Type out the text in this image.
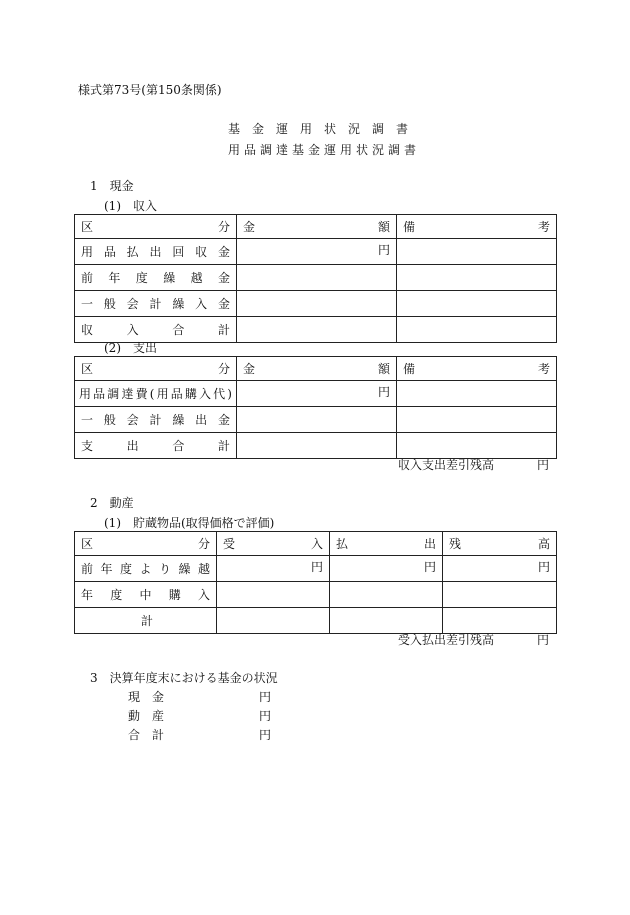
様式第73号(第150条関係)
基金運用状況調書
用品調達基金運用状況調書
1　現金
(1)　収入
区分	金額	備考
用品払出回収金	円	
前年度繰越金		
一般会計繰入金		
収入合計		
(2)　支出
区分	金額	備考
用品調達費(用品購入代)	円	
一般会計繰出金		
支出合計		
収入支出差引残高	円
2　動産
(1)　貯蔵物品(取得価格で評価)
区分	受入	払出	残高
前年度より繰越	円	円	円
年度中購入			
計			
受入払出差引残高	円
3　決算年度末における基金の状況
現金	円
動産	円
合計	円
